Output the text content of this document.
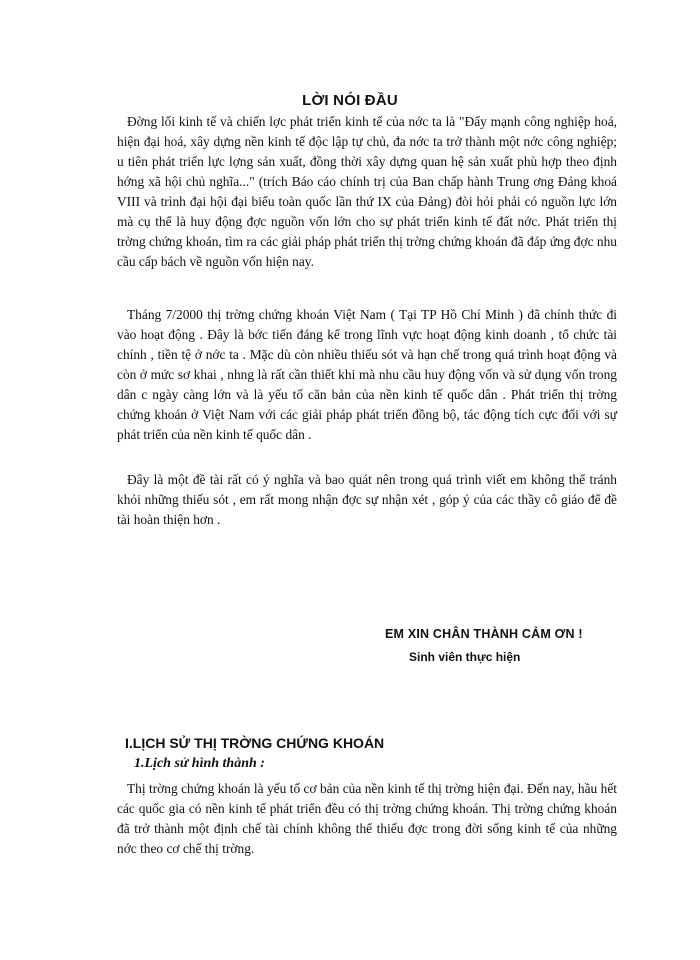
LỜI NÓI ĐẦU

Đờng lối kinh tế và chiến lợc phát triển kinh tế của nớc ta là "Đẩy mạnh công nghiệp hoá, hiện đại hoá, xây dựng nền kinh tế độc lập tự chủ, đa nớc ta trở thành một nớc công nghiệp; u tiên phát triển lực lợng sản xuất, đồng thời xây dựng quan hệ sản xuất phù hợp theo định hớng xã hội chủ nghĩa..." (trích Báo cáo chính trị của Ban chấp hành Trung ơng Đảng khoá VIII và trình đại hội đại biểu toàn quốc lần thứ IX của Đảng) đòi hỏi phải có nguồn lực lớn mà cụ thể là huy động đợc nguồn vốn lớn cho sự phát triển kinh tế đất nớc. Phát triển thị trờng chứng khoán, tìm ra các giải pháp phát triển thị trờng chứng khoán đã đáp ứng đợc nhu cầu cấp bách về nguồn vốn hiện nay.

Tháng 7/2000 thị trờng chứng khoán Việt Nam ( Tại TP Hồ Chí Minh ) đã chính thức đi vào hoạt động . Đây là bớc tiến đáng kể trong lĩnh vực hoạt động kinh doanh , tổ chức tài chính , tiền tệ ở nớc ta . Mặc dù còn nhiều thiếu sót và hạn chế trong quá trình hoạt động và còn ở mức sơ khai , nhng là rất cần thiết khi mà nhu cầu huy động vốn và sử dụng vốn trong dân c ngày càng lớn và là yếu tố căn bản của nền kinh tế quốc dân . Phát triển thị trờng chứng khoán ở Việt Nam với các giải pháp phát triển đồng bộ, tác động tích cực đối với sự phát triển của nền kinh tế quốc dân .

Đây là một đề tài rất có ý nghĩa và bao quát nên trong quá trình viết em không thể tránh khỏi những thiếu sót , em rất mong nhận đợc sự nhận xét , góp ý của các thầy cô giáo để đề tài hoàn thiện hơn .

EM XIN CHÂN THÀNH CẢM ƠN !
Sinh viên thực hiện
I.LỊCH SỬ THỊ TRỜNG CHỨNG KHOÁN
1.Lịch sử hình thành :

Thị trờng chứng khoán là yếu tố cơ bản của nền kinh tế thị trờng hiện đại. Đến nay, hầu hết các quốc gia có nền kinh tế phát triển đều có thị trờng chứng khoán. Thị trờng chứng khoán đã trở thành một định chế tài chính không thể thiếu đợc trong đời sống kinh tế của những nớc theo cơ chế thị trờng.
